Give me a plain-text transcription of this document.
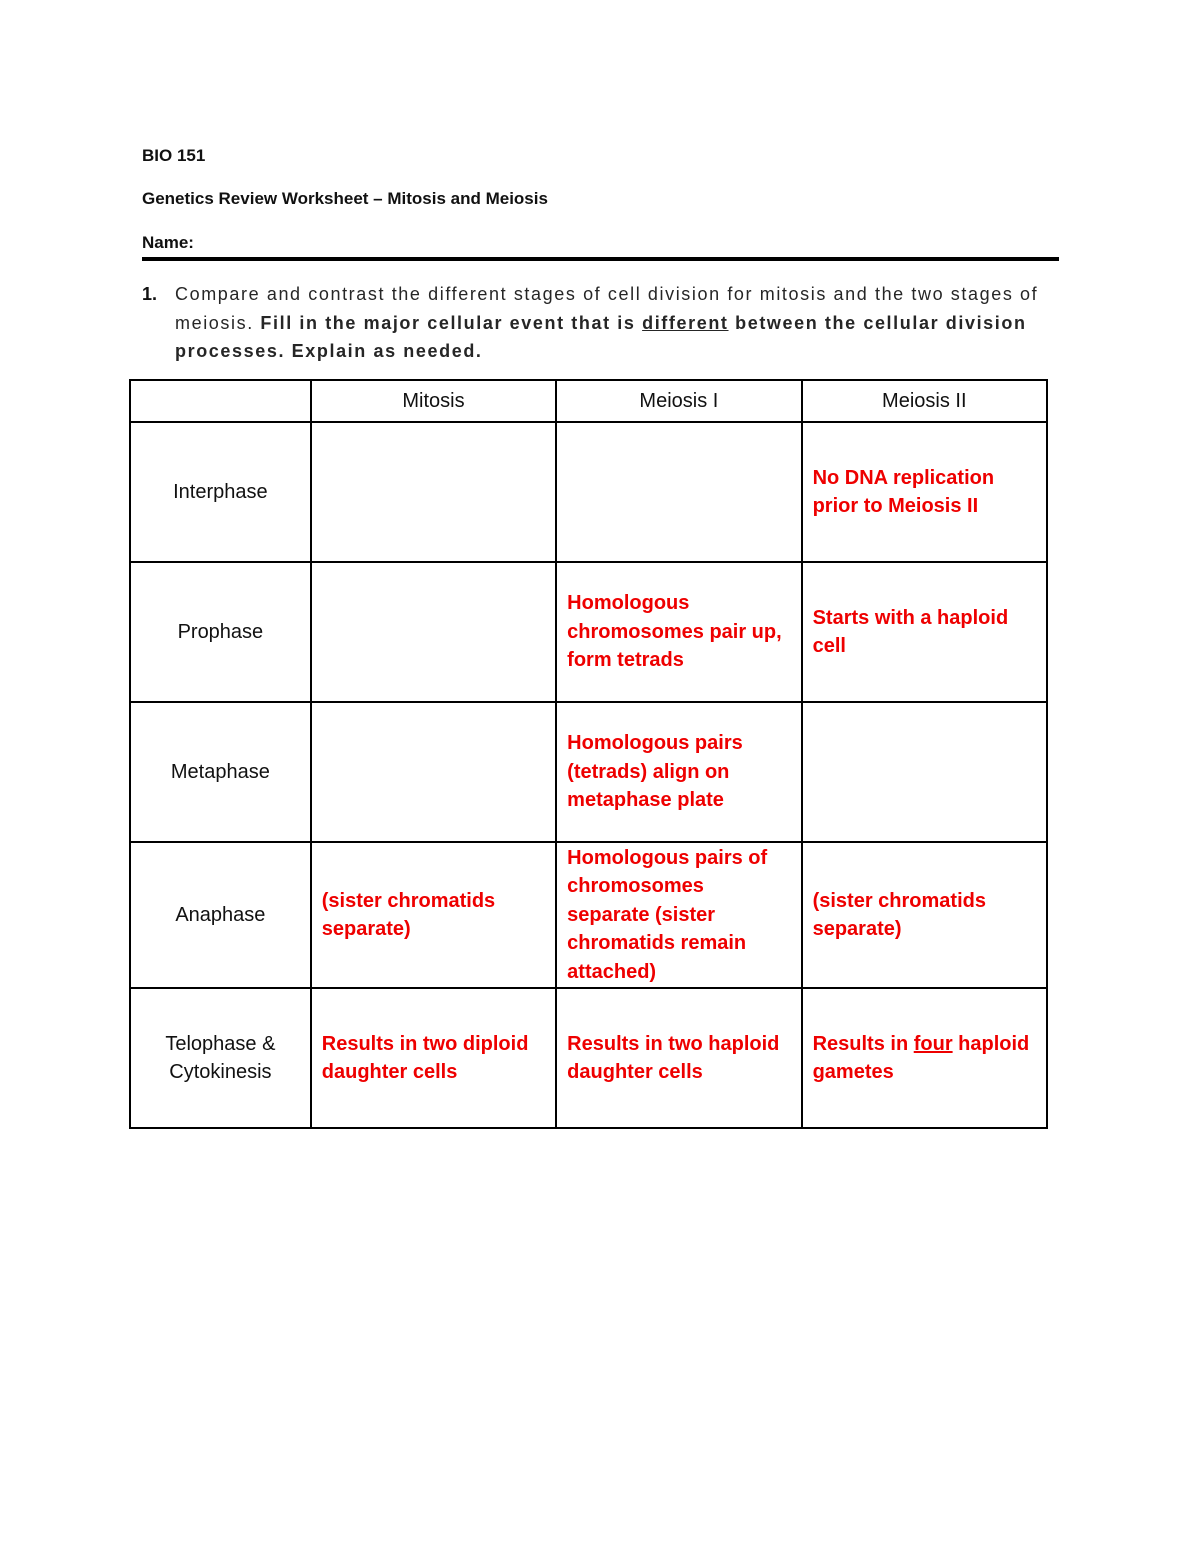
BIO 151
Genetics Review Worksheet – Mitosis and Meiosis
Name:
1. Compare and contrast the different stages of cell division for mitosis and the two stages of meiosis. Fill in the major cellular event that is different between the cellular division processes. Explain as needed.
	Mitosis	Meiosis I	Meiosis II
Interphase			No DNA replication prior to Meiosis II
Prophase		Homologous chromosomes pair up, form tetrads	Starts with a haploid cell
Metaphase		Homologous pairs (tetrads) align on metaphase plate	
Anaphase	(sister chromatids separate)	Homologous pairs of chromosomes separate (sister chromatids remain attached)	(sister chromatids separate)
Telophase & Cytokinesis	Results in two diploid daughter cells	Results in two haploid daughter cells	Results in four haploid gametes
